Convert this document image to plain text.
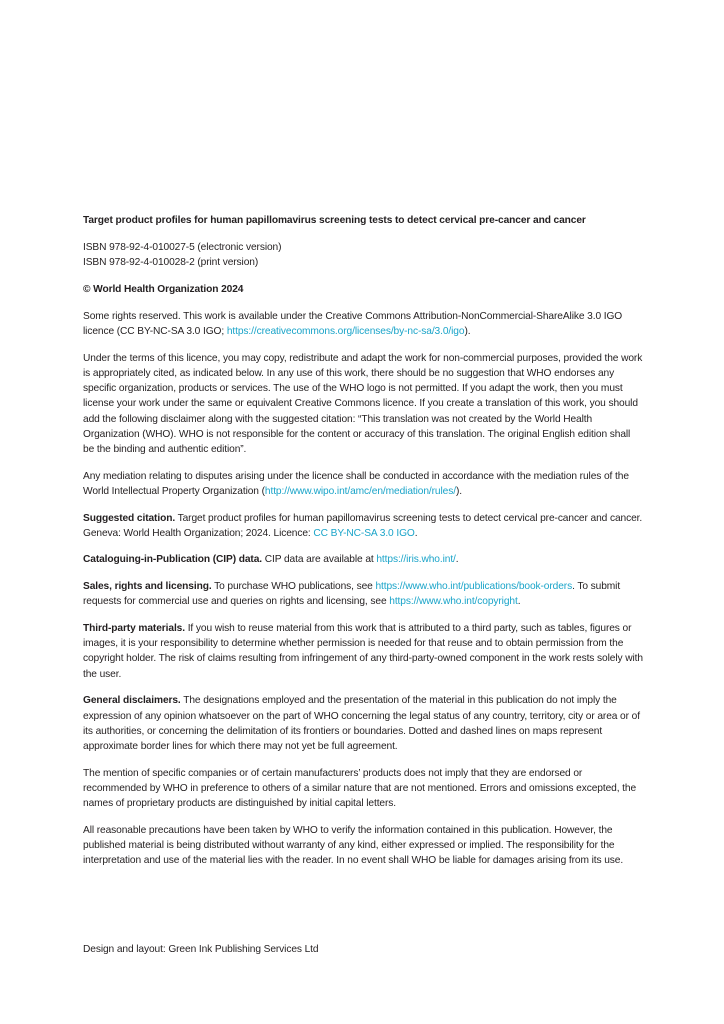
Target product profiles for human papillomavirus screening tests to detect cervical pre-cancer and cancer

ISBN 978-92-4-010027-5 (electronic version)
ISBN 978-92-4-010028-2 (print version)

© World Health Organization 2024

Some rights reserved. This work is available under the Creative Commons Attribution-NonCommercial-ShareAlike 3.0 IGO licence (CC BY-NC-SA 3.0 IGO; https://creativecommons.org/licenses/by-nc-sa/3.0/igo).

Under the terms of this licence, you may copy, redistribute and adapt the work for non-commercial purposes, provided the work is appropriately cited, as indicated below. In any use of this work, there should be no suggestion that WHO endorses any specific organization, products or services. The use of the WHO logo is not permitted. If you adapt the work, then you must license your work under the same or equivalent Creative Commons licence. If you create a translation of this work, you should add the following disclaimer along with the suggested citation: “This translation was not created by the World Health Organization (WHO). WHO is not responsible for the content or accuracy of this translation. The original English edition shall be the binding and authentic edition”.

Any mediation relating to disputes arising under the licence shall be conducted in accordance with the mediation rules of the World Intellectual Property Organization (http://www.wipo.int/amc/en/mediation/rules/).

Suggested citation. Target product profiles for human papillomavirus screening tests to detect cervical pre-cancer and cancer. Geneva: World Health Organization; 2024. Licence: CC BY-NC-SA 3.0 IGO.

Cataloguing-in-Publication (CIP) data. CIP data are available at https://iris.who.int/.

Sales, rights and licensing. To purchase WHO publications, see https://www.who.int/publications/book-orders. To submit requests for commercial use and queries on rights and licensing, see https://www.who.int/copyright.

Third-party materials. If you wish to reuse material from this work that is attributed to a third party, such as tables, figures or images, it is your responsibility to determine whether permission is needed for that reuse and to obtain permission from the copyright holder. The risk of claims resulting from infringement of any third-party-owned component in the work rests solely with the user.

General disclaimers. The designations employed and the presentation of the material in this publication do not imply the expression of any opinion whatsoever on the part of WHO concerning the legal status of any country, territory, city or area or of its authorities, or concerning the delimitation of its frontiers or boundaries. Dotted and dashed lines on maps represent approximate border lines for which there may not yet be full agreement.

The mention of specific companies or of certain manufacturers’ products does not imply that they are endorsed or recommended by WHO in preference to others of a similar nature that are not mentioned. Errors and omissions excepted, the names of proprietary products are distinguished by initial capital letters.

All reasonable precautions have been taken by WHO to verify the information contained in this publication. However, the published material is being distributed without warranty of any kind, either expressed or implied. The responsibility for the interpretation and use of the material lies with the reader. In no event shall WHO be liable for damages arising from its use.

Design and layout: Green Ink Publishing Services Ltd
